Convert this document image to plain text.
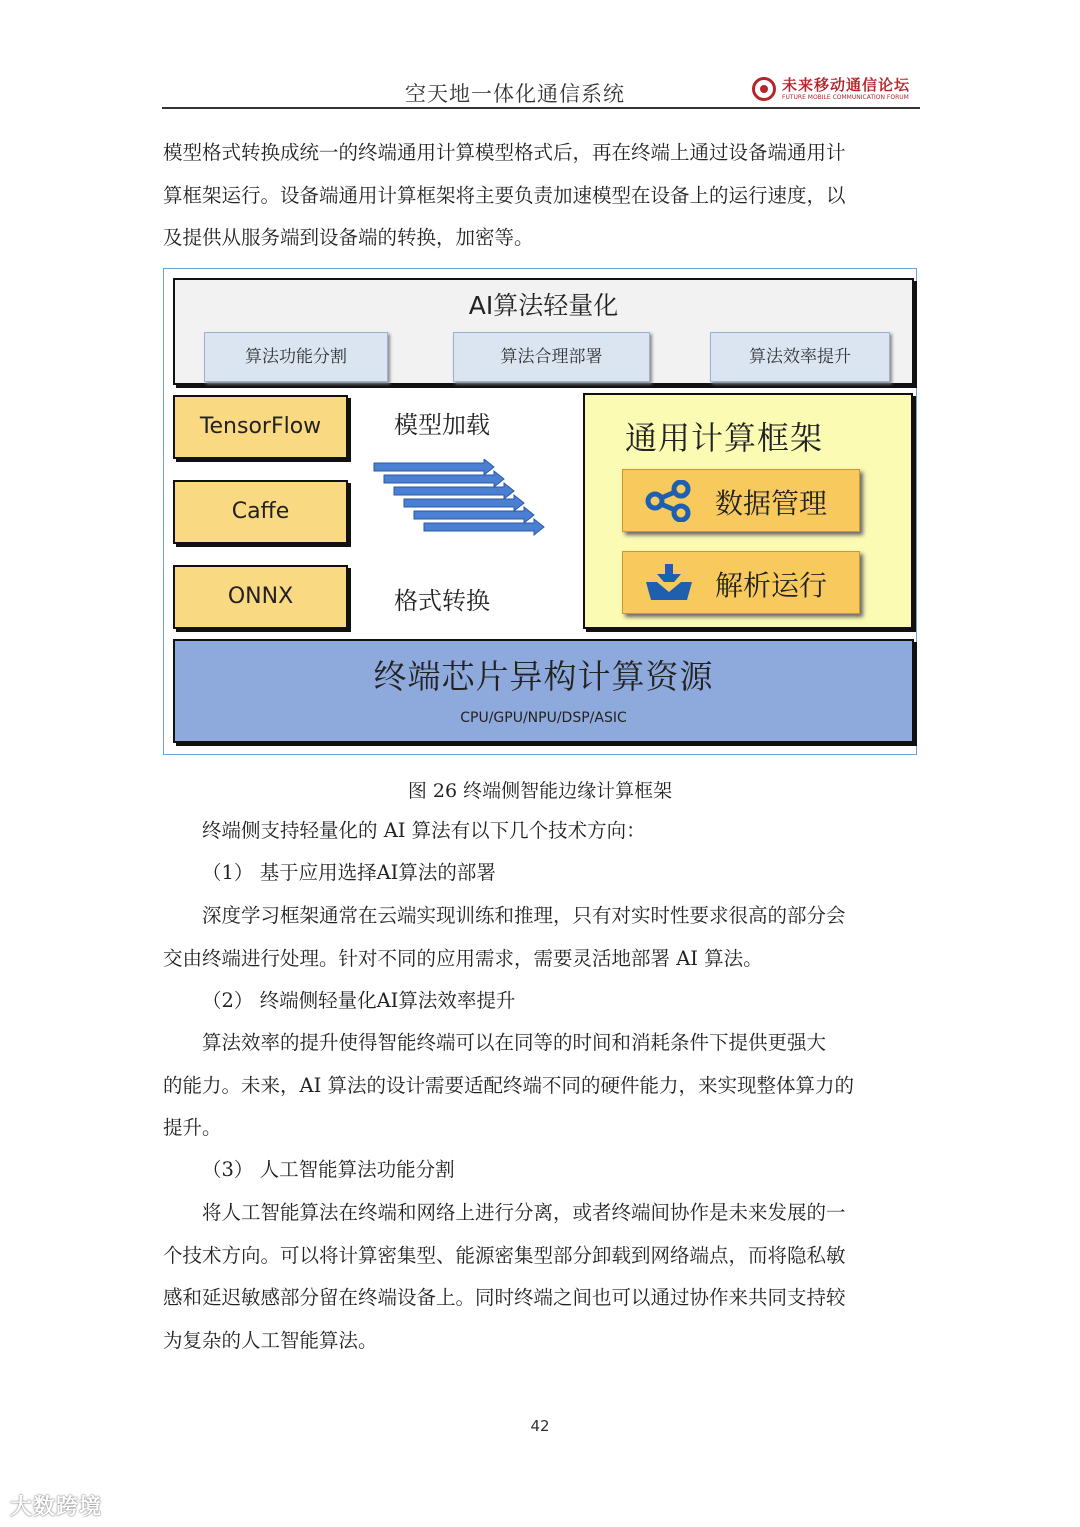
空天地一体化通信系统	未来移动通信论坛
FUTURE MOBILE COMMUNICATION FORUM
模型格式转换成统一的终端通用计算模型格式后，再在终端上通过设备端通用计
算框架运行。设备端通用计算框架将主要负责加速模型在设备上的运行速度，以
及提供从服务端到设备端的转换，加密等。
AI算法轻量化
算法功能分割	算法合理部署	算法效率提升
TensorFlow
Caffe
ONNX
模型加载
格式转换
通用计算框架
数据管理
解析运行
终端芯片异构计算资源
CPU/GPU/NPU/DSP/ASIC
图 26 终端侧智能边缘计算框架
终端侧支持轻量化的 AI 算法有以下几个技术方向：
（1） 基于应用选择AI算法的部署
深度学习框架通常在云端实现训练和推理，只有对实时性要求很高的部分会
交由终端进行处理。针对不同的应用需求，需要灵活地部署 AI 算法。
（2） 终端侧轻量化AI算法效率提升
算法效率的提升使得智能终端可以在同等的时间和消耗条件下提供更强大
的能力。未来，AI 算法的设计需要适配终端不同的硬件能力，来实现整体算力的
提升。
（3） 人工智能算法功能分割
将人工智能算法在终端和网络上进行分离，或者终端间协作是未来发展的一
个技术方向。可以将计算密集型、能源密集型部分卸载到网络端点，而将隐私敏
感和延迟敏感部分留在终端设备上。同时终端之间也可以通过协作来共同支持较
为复杂的人工智能算法。
42
大数跨境
